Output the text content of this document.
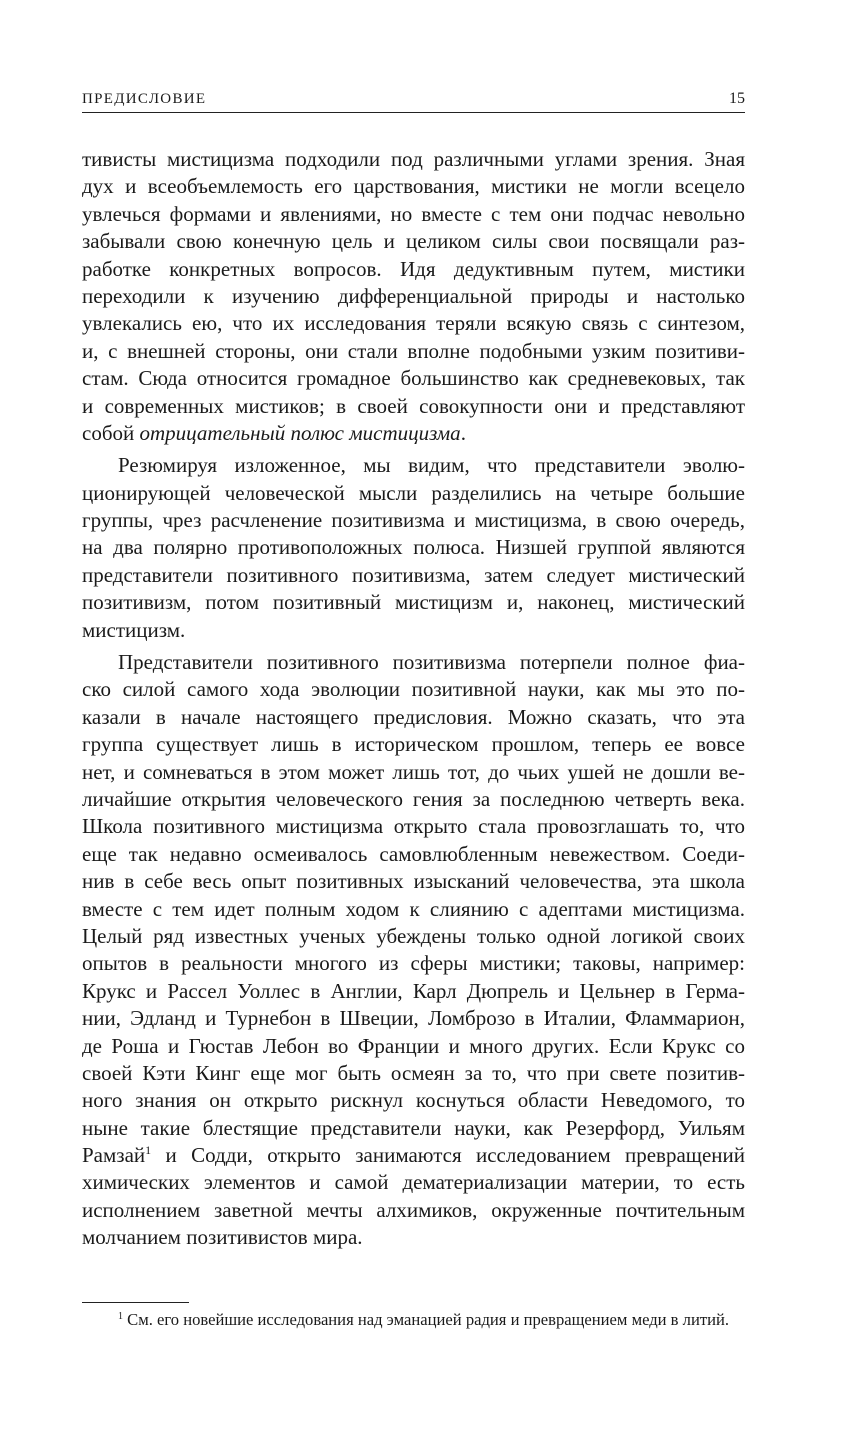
ПРЕДИСЛОВИЕ	15
тивисты мистицизма подходили под различными углами зрения. Зная
дух и всеобъемлемость его царствования, мистики не могли всецело
увлечься формами и явлениями, но вместе с тем они подчас невольно
забывали свою конечную цель и целиком силы свои посвящали раз-
работке конкретных вопросов. Идя дедуктивным путем, мистики
переходили к изучению дифференциальной природы и настолько
увлекались ею, что их исследования теряли всякую связь с синтезом,
и, с внешней стороны, они стали вполне подобными узким позитиви-
стам. Сюда относится громадное большинство как средневековых, так
и современных мистиков; в своей совокупности они и представляют
собой отрицательный полюс мистицизма.
Резюмируя изложенное, мы видим, что представители эволю-
ционирующей человеческой мысли разделились на четыре большие
группы, чрез расчленение позитивизма и мистицизма, в свою очередь,
на два полярно противоположных полюса. Низшей группой являются
представители позитивного позитивизма, затем следует мистический
позитивизм, потом позитивный мистицизм и, наконец, мистический
мистицизм.
Представители позитивного позитивизма потерпели полное фиа-
ско силой самого хода эволюции позитивной науки, как мы это по-
казали в начале настоящего предисловия. Можно сказать, что эта
группа существует лишь в историческом прошлом, теперь ее вовсе
нет, и сомневаться в этом может лишь тот, до чьих ушей не дошли ве-
личайшие открытия человеческого гения за последнюю четверть века.
Школа позитивного мистицизма открыто стала провозглашать то, что
еще так недавно осмеивалось самовлюбленным невежеством. Соеди-
нив в себе весь опыт позитивных изысканий человечества, эта школа
вместе с тем идет полным ходом к слиянию с адептами мистицизма.
Целый ряд известных ученых убеждены только одной логикой своих
опытов в реальности многого из сферы мистики; таковы, например:
Крукс и Рассел Уоллес в Англии, Карл Дюпрель и Цельнер в Герма-
нии, Эдланд и Турнебон в Швеции, Ломброзо в Италии, Фламмарион,
де Роша и Гюстав Лебон во Франции и много других. Если Крукс со
своей Кэти Кинг еще мог быть осмеян за то, что при свете позитив-
ного знания он открыто рискнул коснуться области Неведомого, то
ныне такие блестящие представители науки, как Резерфорд, Уильям
Рамзай$^1$ и Содди, открыто занимаются исследованием превращений
химических элементов и самой дематериализации материи, то есть
исполнением заветной мечты алхимиков, окруженные почтительным
молчанием позитивистов мира.
$^1$ См. его новейшие исследования над эманацией радия и превращением меди в литий.
